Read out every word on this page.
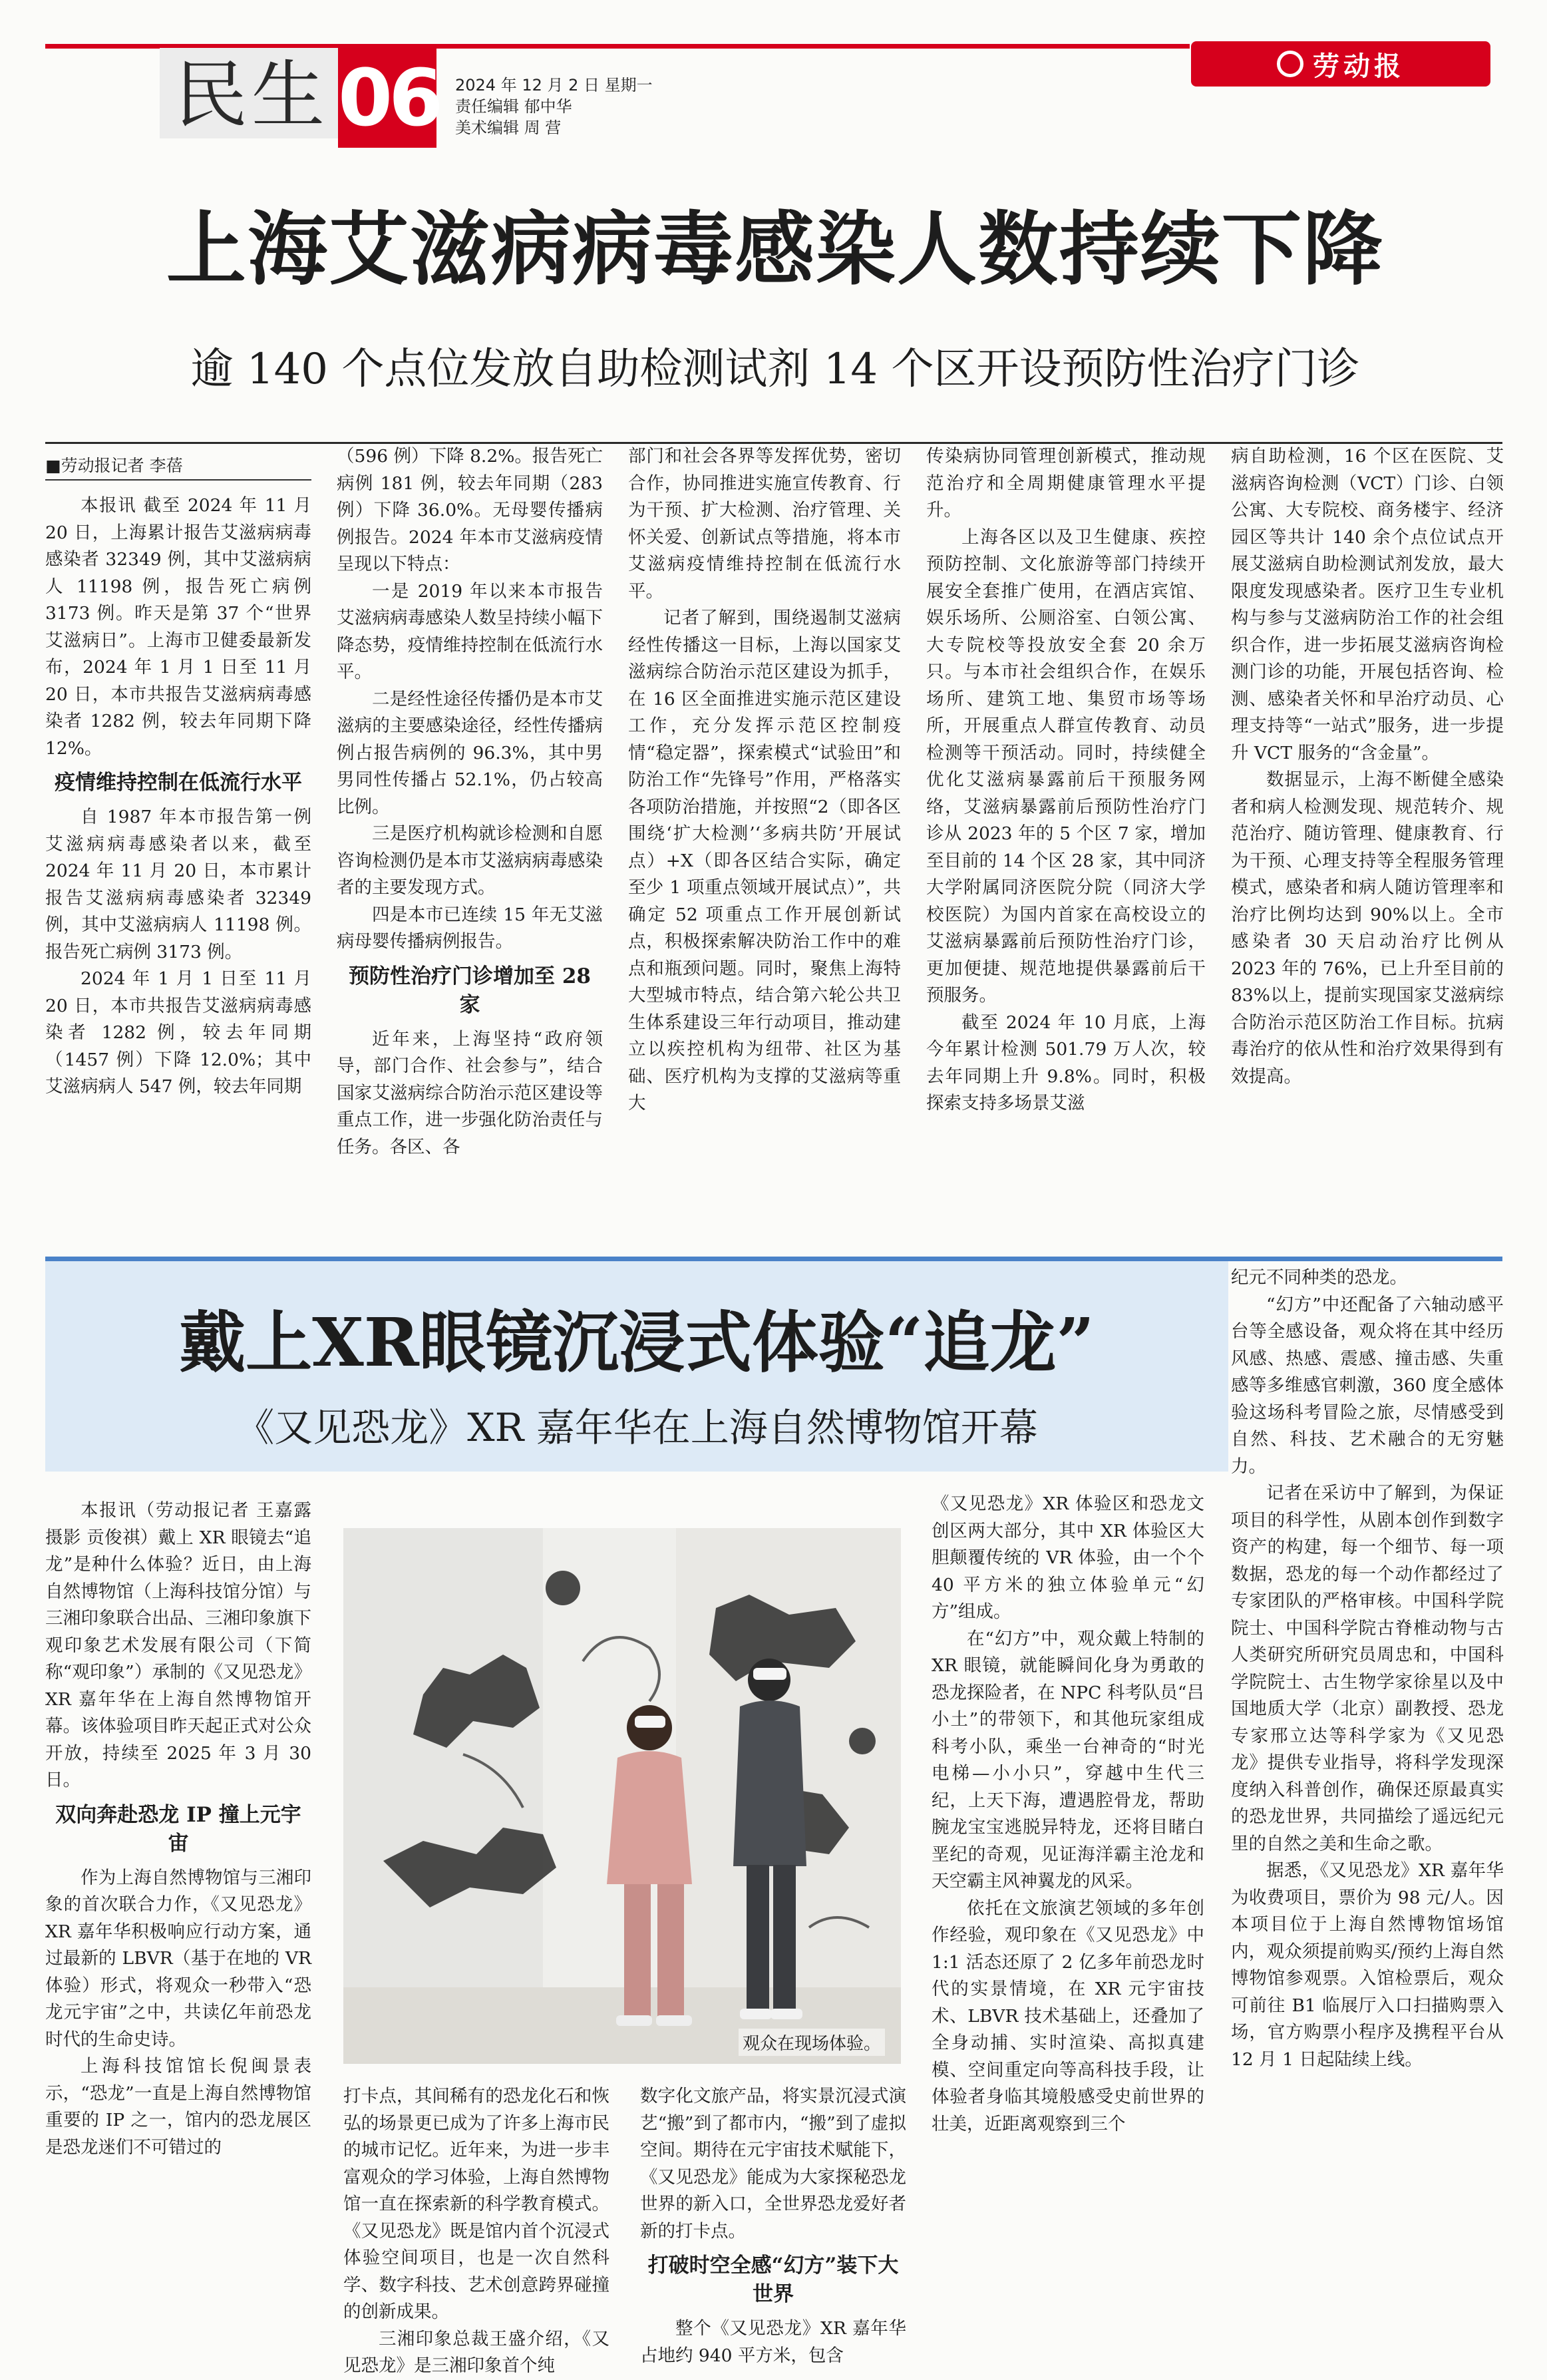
民生 06 2024 年 12 月 2 日 星期一
责任编辑 郁中华
美术编辑 周 营
劳动报
上海艾滋病病毒感染人数持续下降
逾 140 个点位发放自助检测试剂 14 个区开设预防性治疗门诊
■劳动报记者 李蓓

本报讯 截至 2024 年 11 月 20 日，上海累计报告艾滋病病毒感染者 32349 例，其中艾滋病病人 11198 例，报告死亡病例 3173 例。昨天是第 37 个“世界艾滋病日”。上海市卫健委最新发布，2024 年 1 月 1 日至 11 月 20 日，本市共报告艾滋病病毒感染者 1282 例，较去年同期下降 12%。

疫情维持控制在低流行水平

自 1987 年本市报告第一例艾滋病病毒感染者以来，截至 2024 年 11 月 20 日，本市累计报告艾滋病病毒感染者 32349 例，其中艾滋病病人 11198 例。报告死亡病例 3173 例。

2024 年 1 月 1 日至 11 月 20 日，本市共报告艾滋病病毒感染者 1282 例，较去年同期（1457 例）下降 12.0%；其中艾滋病病人 547 例，较去年同期

（596 例）下降 8.2%。报告死亡病例 181 例，较去年同期（283 例）下降 36.0%。无母婴传播病例报告。2024 年本市艾滋病疫情呈现以下特点：

一是 2019 年以来本市报告艾滋病病毒感染人数呈持续小幅下降态势，疫情维持控制在低流行水平。

二是经性途径传播仍是本市艾滋病的主要感染途径，经性传播病例占报告病例的 96.3%，其中男男同性传播占 52.1%，仍占较高比例。

三是医疗机构就诊检测和自愿咨询检测仍是本市艾滋病病毒感染者的主要发现方式。

四是本市已连续 15 年无艾滋病母婴传播病例报告。

预防性治疗门诊增加至 28 家

近年来，上海坚持“政府领导，部门合作、社会参与”，结合国家艾滋病综合防治示范区建设等重点工作，进一步强化防治责任与任务。各区、各

部门和社会各界等发挥优势，密切合作，协同推进实施宣传教育、行为干预、扩大检测、治疗管理、关怀关爱、创新试点等措施，将本市艾滋病疫情维持控制在低流行水平。

记者了解到，围绕遏制艾滋病经性传播这一目标，上海以国家艾滋病综合防治示范区建设为抓手，在 16 区全面推进实施示范区建设工作，充分发挥示范区控制疫情“稳定器”，探索模式“试验田”和防治工作“先锋号”作用，严格落实各项防治措施，并按照“2（即各区围绕‘扩大检测’‘多病共防’开展试点）+X（即各区结合实际，确定至少 1 项重点领域开展试点）”，共确定 52 项重点工作开展创新试点，积极探索解决防治工作中的难点和瓶颈问题。同时，聚焦上海特大型城市特点，结合第六轮公共卫生体系建设三年行动项目，推动建立以疾控机构为纽带、社区为基础、医疗机构为支撑的艾滋病等重大

传染病协同管理创新模式，推动规范治疗和全周期健康管理水平提升。

上海各区以及卫生健康、疾控预防控制、文化旅游等部门持续开展安全套推广使用，在酒店宾馆、娱乐场所、公厕浴室、白领公寓、大专院校等投放安全套 20 余万只。与本市社会组织合作，在娱乐场所、建筑工地、集贸市场等场所，开展重点人群宣传教育、动员检测等干预活动。同时，持续健全优化艾滋病暴露前后干预服务网络，艾滋病暴露前后预防性治疗门诊从 2023 年的 5 个区 7 家，增加至目前的 14 个区 28 家，其中同济大学附属同济医院分院（同济大学校医院）为国内首家在高校设立的艾滋病暴露前后预防性治疗门诊，更加便捷、规范地提供暴露前后干预服务。

截至 2024 年 10 月底，上海今年累计检测 501.79 万人次，较去年同期上升 9.8%。同时，积极探索支持多场景艾滋

病自助检测，16 个区在医院、艾滋病咨询检测（VCT）门诊、白领公寓、大专院校、商务楼宇、经济园区等共计 140 余个点位试点开展艾滋病自助检测试剂发放，最大限度发现感染者。医疗卫生专业机构与参与艾滋病防治工作的社会组织合作，进一步拓展艾滋病咨询检测门诊的功能，开展包括咨询、检测、感染者关怀和早治疗动员、心理支持等“一站式”服务，进一步提升 VCT 服务的“含金量”。

数据显示，上海不断健全感染者和病人检测发现、规范转介、规范治疗、随访管理、健康教育、行为干预、心理支持等全程服务管理模式，感染者和病人随访管理率和治疗比例均达到 90%以上。全市感染者 30 天启动治疗比例从 2023 年的 76%，已上升至目前的 83%以上，提前实现国家艾滋病综合防治示范区防治工作目标。抗病毒治疗的依从性和治疗效果得到有效提高。

戴上XR眼镜沉浸式体验“追龙”
《又见恐龙》XR 嘉年华在上海自然博物馆开幕

本报讯（劳动报记者 王嘉露 摄影 贡俊祺）戴上 XR 眼镜去“追龙”是种什么体验？近日，由上海自然博物馆（上海科技馆分馆）与三湘印象联合出品、三湘印象旗下观印象艺术发展有限公司（下简称“观印象”）承制的《又见恐龙》XR 嘉年华在上海自然博物馆开幕。该体验项目昨天起正式对公众开放，持续至 2025 年 3 月 30 日。

双向奔赴恐龙 IP 撞上元宇宙

作为上海自然博物馆与三湘印象的首次联合力作，《又见恐龙》XR 嘉年华积极响应行动方案，通过最新的 LBVR（基于在地的 VR 体验）形式，将观众一秒带入“恐龙元宇宙”之中，共读亿年前恐龙时代的生命史诗。

上海科技馆馆长倪闽景表示，“恐龙”一直是上海自然博物馆重要的 IP 之一，馆内的恐龙展区是恐龙迷们不可错过的

观众在现场体验。

打卡点，其间稀有的恐龙化石和恢弘的场景更已成为了许多上海市民的城市记忆。近年来，为进一步丰富观众的学习体验，上海自然博物馆一直在探索新的科学教育模式。《又见恐龙》既是馆内首个沉浸式体验空间项目，也是一次自然科学、数字科技、艺术创意跨界碰撞的创新成果。

三湘印象总裁王盛介绍，《又见恐龙》是三湘印象首个纯

数字化文旅产品，将实景沉浸式演艺“搬”到了都市内，“搬”到了虚拟空间。期待在元宇宙技术赋能下，《又见恐龙》能成为大家探秘恐龙世界的新入口，全世界恐龙爱好者新的打卡点。

打破时空全感“幻方”装下大世界

整个《又见恐龙》XR 嘉年华占地约 940 平方米，包含

《又见恐龙》XR 体验区和恐龙文创区两大部分，其中 XR 体验区大胆颠覆传统的 VR 体验，由一个个 40 平方米的独立体验单元“幻方”组成。

在“幻方”中，观众戴上特制的 XR 眼镜，就能瞬间化身为勇敢的恐龙探险者，在 NPC 科考队员“吕小土”的带领下，和其他玩家组成科考小队，乘坐一台神奇的“时光电梯—小小只”，穿越中生代三纪，上天下海，遭遇腔骨龙，帮助腕龙宝宝逃脱异特龙，还将目睹白垩纪的奇观，见证海洋霸主沧龙和天空霸主风神翼龙的风采。

依托在文旅演艺领域的多年创作经验，观印象在《又见恐龙》中 1:1 活态还原了 2 亿多年前恐龙时代的实景情境，在 XR 元宇宙技术、LBVR 技术基础上，还叠加了全身动捕、实时渲染、高拟真建模、空间重定向等高科技手段，让体验者身临其境般感受史前世界的壮美，近距离观察到三个

纪元不同种类的恐龙。

“幻方”中还配备了六轴动感平台等全感设备，观众将在其中经历风感、热感、震感、撞击感、失重感等多维感官刺激，360 度全感体验这场科考冒险之旅，尽情感受到自然、科技、艺术融合的无穷魅力。

记者在采访中了解到，为保证项目的科学性，从剧本创作到数字资产的构建，每一个细节、每一项数据，恐龙的每一个动作都经过了专家团队的严格审核。中国科学院院士、中国科学院古脊椎动物与古人类研究所研究员周忠和，中国科学院院士、古生物学家徐星以及中国地质大学（北京）副教授、恐龙专家邢立达等科学家为《又见恐龙》提供专业指导，将科学发现深度纳入科普创作，确保还原最真实的恐龙世界，共同描绘了遥远纪元里的自然之美和生命之歌。

据悉，《又见恐龙》XR 嘉年华为收费项目，票价为 98 元/人。因本项目位于上海自然博物馆场馆内，观众须提前购买/预约上海自然博物馆参观票。入馆检票后，观众可前往 B1 临展厅入口扫描购票入场，官方购票小程序及携程平台从 12 月 1 日起陆续上线。
